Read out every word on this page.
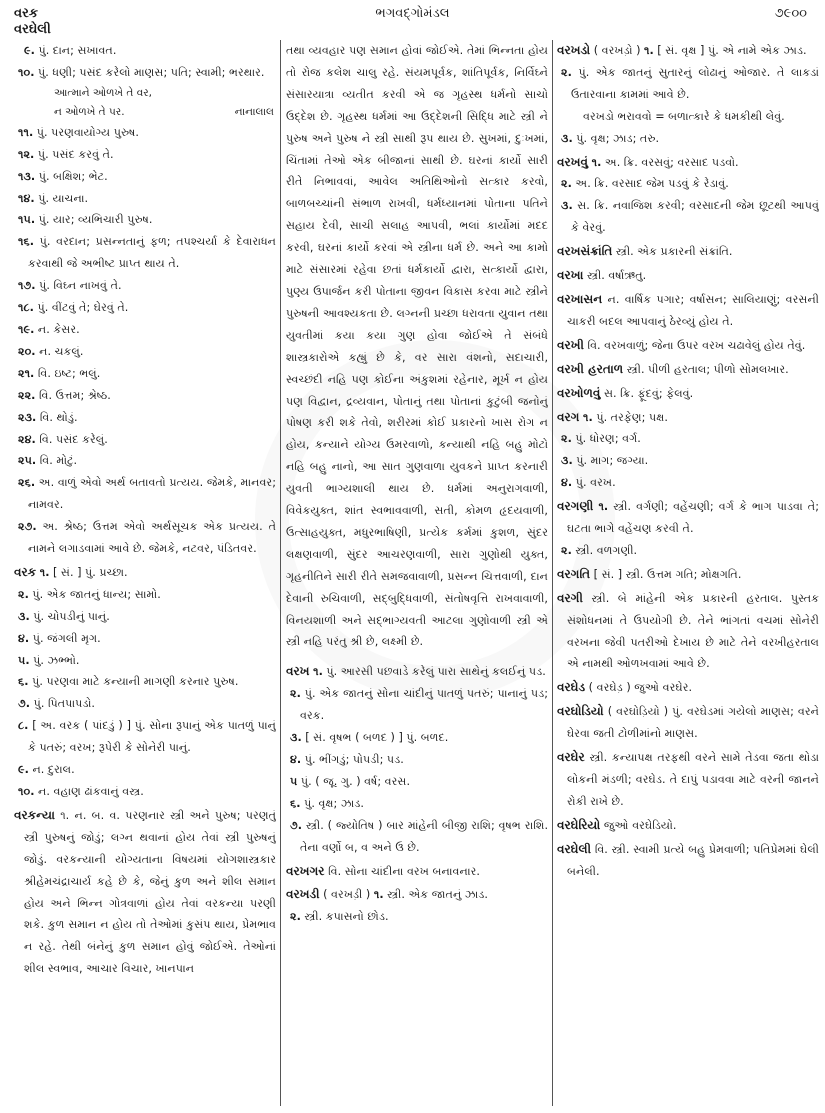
વરક
વરઘેલી
ભગવદ્ગોમંડલ	૭૯૦૦
૯. પું. દાન; સખાવત.
૧૦. પું. ધણી; પસંદ કરેલો માણસ; પતિ; સ્વામી; ભરથાર.
આત્માને ઓળખે તે વર,
ન ઓળખે તે પર.	નાનાલાલ
૧૧. પું. પરણવાયોગ્ય પુરુષ.
૧૨. પું. પસંદ કરવું તે.
૧૩. પું. બક્ષિશ; ભેટ.
૧૪. પું. યાચના.
૧૫. પું. યાર; વ્યભિચારી પુરુષ.
૧૬. પું. વરદાન; પ્રસન્નતાનું ફળ; તપશ્ચર્યા કે દેવારાધન કરવાથી જે અભીષ્ટ પ્રાપ્ત થાય તે.
૧૭. પું. વિઘ્ન નાખવું તે.
૧૮. પું. વીંટવું તે; ઘેરવું તે.
૧૯. ન. કેસર.
૨૦. ન. ચકલું.
૨૧. વિ. ઇષ્ટ; ભલું.
૨૨. વિ. ઉત્તમ; શ્રેષ્ઠ.
૨૩. વિ. થોડું.
૨૪. વિ. પસંદ કરેલું.
૨૫. વિ. મોટું.
૨૬. અ. વાળું એવો અર્થ બતાવતો પ્રત્યય. જેમકે, માનવર; નામવર.
૨૭. અ. શ્રેષ્ઠ; ઉત્તમ એવો અર્થસૂચક એક પ્રત્યય. તે નામને લગાડવામાં આવે છે. જેમકે, નટવર, પંડિતવર.
વરક ૧. [ સં. ] પું. પ્રચ્છા.
૨. પું. એક જાતનું ધાન્ય; સામો.
૩. પું. ચોપડીનું પાનું.
૪. પું. જંગલી મૃગ.
૫. પું. ઝભ્ભો.
૬. પું. પરણવા માટે કન્યાની માગણી કરનાર પુરુષ.
૭. પું. પિતપાપડો.
૮. [ અ. વરક ( પાંદડું ) ] પું. સોના રૂપાનું એક પાતળું પાનું કે પતરું; વરખ; રૂપેરી કે સોનેરી પાનું.
૯. ન. દુરાલ.
૧૦. ન. વહાણ ઢાંકવાનું વસ્ત્ર.
વરકન્યા ૧. ન. બ. વ. પરણનાર સ્ત્રી અને પુરુષ; પરણતું સ્ત્રી પુરુષનું જોડું; લગ્ન થવાનાં હોય તેવાં સ્ત્રી પુરુષનું જોડું. વરકન્યાની યોગ્યતાના વિષયમાં યોગશાસ્ત્રકાર શ્રીહેમચંદ્રાચાર્ય કહે છે કે, જેનું કુળ અને શીલ સમાન હોય અને ભિન્ન ગોત્રવાળાં હોય તેવાં વરકન્યા પરણી શકે. કુળ સમાન ન હોય તો તેઓમાં કુસંપ થાય, પ્રેમભાવ ન રહે. તેથી બંનેનું કુળ સમાન હોવું જોઈએ. તેઓનાં શીલ સ્વભાવ, આચાર વિચાર, ખાનપાન
તથા વ્યવહાર પણ સમાન હોવાં જોઈએ. તેમાં ભિન્નતા હોય તો રોજ કલેશ ચાલુ રહે. સંયમપૂર્વક, શાંતિપૂર્વક, નિર્વિઘ્ને સંસારયાત્રા વ્યતીત કરવી એ જ ગૃહસ્થ ધર્મનો સાચો ઉદ્દેશ છે. ગૃહસ્થ ધર્મમાં આ ઉદ્દેશની સિદ્ધિ માટે સ્ત્રી ને પુરુષ અને પુરુષ ને સ્ત્રી સાથી રૂપ થાય છે. સુખમાં, દુઃખમાં, ચિંતામાં તેઓ એક બીજાનાં સાથી છે. ઘરનાં કાર્યો સારી રીતે નિભાવવાં, આવેલ અતિથિઓનો સત્કાર કરવો, બાળબચ્ચાંની સંભાળ રાખવી, ધર્મધ્યાનમાં પોતાના પતિને સહાય દેવી, સાચી સલાહ આપવી, ભલાં કાર્યોમાં મદદ કરવી, ઘરનાં કાર્યો કરવાં એ સ્ત્રીના ધર્મ છે. અને આ કામો માટે સંસારમાં રહેવા છતાં ધર્મકાર્યો દ્વારા, સત્કાર્યો દ્વારા, પુણ્ય ઉપાર્જન કરી પોતાના જીવન વિકાસ કરવા માટે સ્ત્રીને પુરુષની આવશ્યકતા છે. લગ્નની પ્રચ્છા ધરાવતા યુવાન તથા યુવતીમાં કયા કયા ગુણ હોવા જોઈએ તે સંબંધે શાસ્ત્રકારોએ કહ્યું છે કે, વર સારા વંશનો, સદાચારી, સ્વચ્છંદી નહિ પણ કોઈના અંકુશમાં રહેનાર, મૂર્ખ ન હોય પણ વિદ્વાન, દ્રવ્યવાન, પોતાનું તથા પોતાનાં કુટુંબી જનોનું પોષણ કરી શકે તેવો, શરીરમાં કોઈ પ્રકારનો ખાસ રોગ ન હોય, કન્યાને યોગ્ય ઉમરવાળો, કન્યાથી નહિ બહુ મોટો નહિ બહુ નાનો, આ સાત ગુણવાળા યુવકને પ્રાપ્ત કરનારી યુવતી ભાગ્યશાલી થાય છે. ધર્મમાં અનુરાગવાળી, વિવેકયુક્ત, શાંત સ્વભાવવાળી, સતી, કોમળ હૃદયવાળી, ઉત્સાહયુક્ત, મધુરભાષિણી, પ્રત્યેક કર્મમાં કુશળ, સુંદર લક્ષણવાળી, સુંદર આચરણવાળી, સારા ગુણોથી યુક્ત, ગૃહનીતિને સારી રીતે સમજવાવાળી, પ્રસન્ન ચિત્તવાળી, દાન દેવાની રુચિવાળી, સદ્બુદ્ધિવાળી, સંતોષવૃત્તિ રાખવાવાળી, વિનયશાળી અને સદ્ભાગ્યવતી આટલા ગુણોવાળી સ્ત્રી એ સ્ત્રી નહિ પરંતુ શ્રી છે, લક્ષ્મી છે.
વરખ ૧. પું. આરસી પછવાડે કરેલું પારા સાથેનું કલઈનું પડ.
૨. પું. એક જાતનું સોના ચાંદીનું પાતળું પતરું; પાનાનું પડ; વરક.
૩. [ સં. વૃષભ ( બળદ ) ] પું. બળદ.
૪. પું. ભીંગડું; પોપડી; પડ.
૫ પું. ( જૂ. ગુ. ) વર્ષ; વરસ.
૬. પું. વૃક્ષ; ઝાડ.
૭. સ્ત્રી. ( જ્યોતિષ ) બાર માંહેની બીજી રાશિ; વૃષભ રાશિ. તેના વર્ણો બ, વ અને ઉ છે.
વરખગર વિ. સોના ચાંદીના વરખ બનાવનાર.
વરખડી ( વરખડ઼ી ) ૧. સ્ત્રી. એક જાતનું ઝાડ.
૨. સ્ત્રી. કપાસનો છોડ.
વરખડો ( વરખડ઼ો ) ૧. [ સં. વૃક્ષ ] પું. એ નામે એક ઝાડ.
૨. પું. એક જાતનું સુતારનું લોઢાનું ઓજાર. તે લાકડાં ઉતારવાના કામમાં આવે છે.
વરખડો ભરાવવો = બળાત્કારે કે ધમકીથી લેવું.
૩. પું. વૃક્ષ; ઝાડ; તરુ.
વરખવું ૧. અ. ક્રિ. વરસવું; વરસાદ પડવો.
૨. અ. ક્રિ. વરસાદ જેમ પડવું કે રેડાવું.
૩. સ. ક્રિ. નવાજિશ કરવી; વરસાદની જેમ છૂટથી આપવું કે વેરવું.
વરખસંક્રાંતિ સ્ત્રી. એક પ્રકારની સંક્રાંતિ.
વરખા સ્ત્રી. વર્ષાઋતુ.
વરખાસન ન. વાર્ષિક પગાર; વર્ષાસન; સાલિયાણું; વરસની ચાકરી બદલ આપવાનું ઠેરવ્યું હોય તે.
વરખી વિ. વરખવાળું; જેના ઉપર વરખ ચઢાવેલું હોય તેવું.
વરખી હરતાળ સ્ત્રી. પીળી હરતાલ; પીળો સોમલખાર.
વરખોળવું સ. ક્રિ. ફૂંદવું; ફેલવું.
વરગ ૧. પું. તરફેણ; પક્ષ.
૨. પું. ધોરણ; વર્ગ.
૩. પું. માગ; જગ્યા.
૪. પું. વરખ.
વરગણી ૧. સ્ત્રી. વર્ગણી; વહેંચણી; વર્ગ કે ભાગ પાડવા તે; ઘટતા ભાગે વહેંચણ કરવી તે.
૨. સ્ત્રી. વળગણી.
વરગતિ [ સં. ] સ્ત્રી. ઉત્તમ ગતિ; મોક્ષગતિ.
વરગી સ્ત્રી. બે માંહેની એક પ્રકારની હરતાલ. પુસ્તક સંશોધનમાં તે ઉપયોગી છે. તેને ભાંગતાં વચમાં સોનેરી વરખના જેવી પતરીઓ દેખાય છે માટે તેને વરખીહરતાલ એ નામથી ઓળખવામાં આવે છે.
વરઘેડ ( વરઘેડ઼ ) જુઓ વરઘેર.
વરઘોડિયો ( વરઘોડ઼િયો ) પું. વરઘેડમાં ગયેલો માણસ; વરને ઘેરવા જતી ટોળીમાંનો માણસ.
વરઘેર સ્ત્રી. કન્યાપક્ષ તરફથી વરને સામે તેડવા જતા થોડા લોકની મંડળી; વરઘેડ. તે દાપું પડાવવા માટે વરની જાનને રોકી રાખે છે.
વરઘેરિયો જુઓ વરઘેડિયો.
વરઘેલી વિ. સ્ત્રી. સ્વામી પ્રત્યે બહુ પ્રેમવાળી; પતિપ્રેમમાં ઘેલી બનેલી.
